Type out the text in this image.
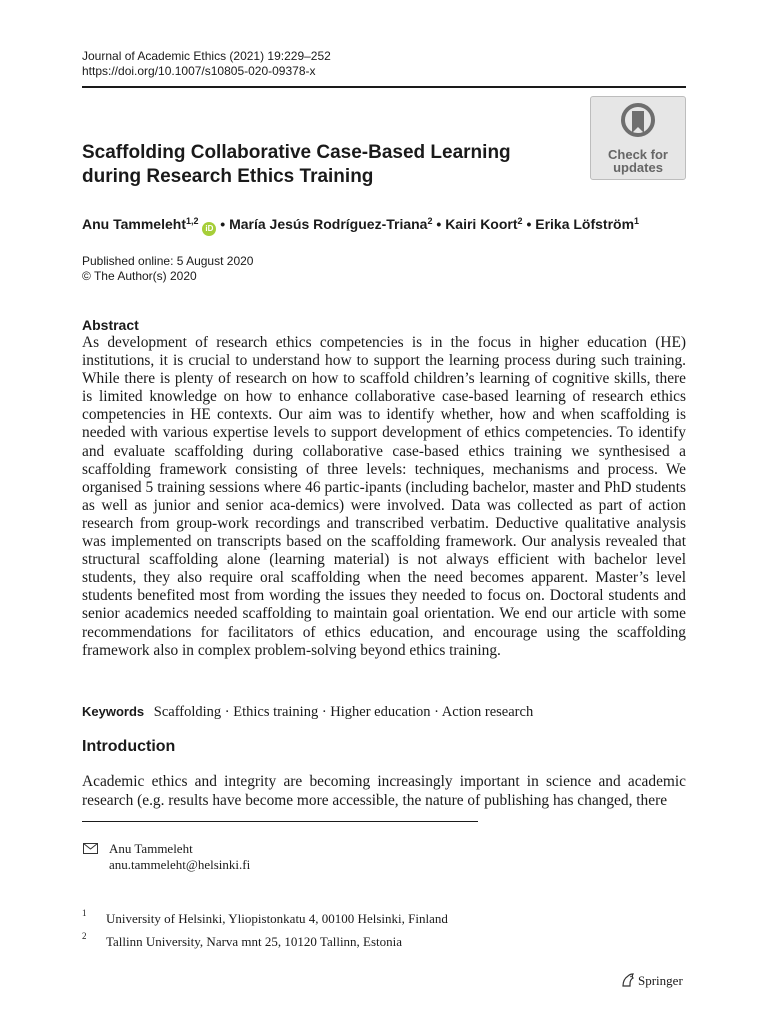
Journal of Academic Ethics (2021) 19:229–252
https://doi.org/10.1007/s10805-020-09378-x
Check for
updates
Scaffolding Collaborative Case-Based Learning during Research Ethics Training
Anu Tammeleht$^{1,2}$ iD • María Jesús Rodríguez-Triana$^2$ • Kairi Koort$^2$ • Erika Löfström$^1$
Published online: 5 August 2020
© The Author(s) 2020
Abstract
As development of research ethics competencies is in the focus in higher education (HE) institutions, it is crucial to understand how to support the learning process during such training. While there is plenty of research on how to scaffold children’s learning of cognitive skills, there is limited knowledge on how to enhance collaborative case-based learning of research ethics competencies in HE contexts. Our aim was to identify whether, how and when scaffolding is needed with various expertise levels to support development of ethics competencies. To identify and evaluate scaffolding during collaborative case-based ethics training we synthesised a scaffolding framework consisting of three levels: techniques, mechanisms and process. We organised 5 training sessions where 46 partic-ipants (including bachelor, master and PhD students as well as junior and senior aca-demics) were involved. Data was collected as part of action research from group-work recordings and transcribed verbatim. Deductive qualitative analysis was implemented on transcripts based on the scaffolding framework. Our analysis revealed that structural scaffolding alone (learning material) is not always efficient with bachelor level students, they also require oral scaffolding when the need becomes apparent. Master’s level students benefited most from wording the issues they needed to focus on. Doctoral students and senior academics needed scaffolding to maintain goal orientation. We end our article with some recommendations for facilitators of ethics education, and encourage using the scaffolding framework also in complex problem-solving beyond ethics training.
Keywords Scaffolding · Ethics training · Higher education · Action research
Introduction
Academic ethics and integrity are becoming increasingly important in science and academic research (e.g. results have become more accessible, the nature of publishing has changed, there
Anu Tammeleht
anu.tammeleht@helsinki.fi
1 University of Helsinki, Yliopistonkatu 4, 00100 Helsinki, Finland
2 Tallinn University, Narva mnt 25, 10120 Tallinn, Estonia
Springer
